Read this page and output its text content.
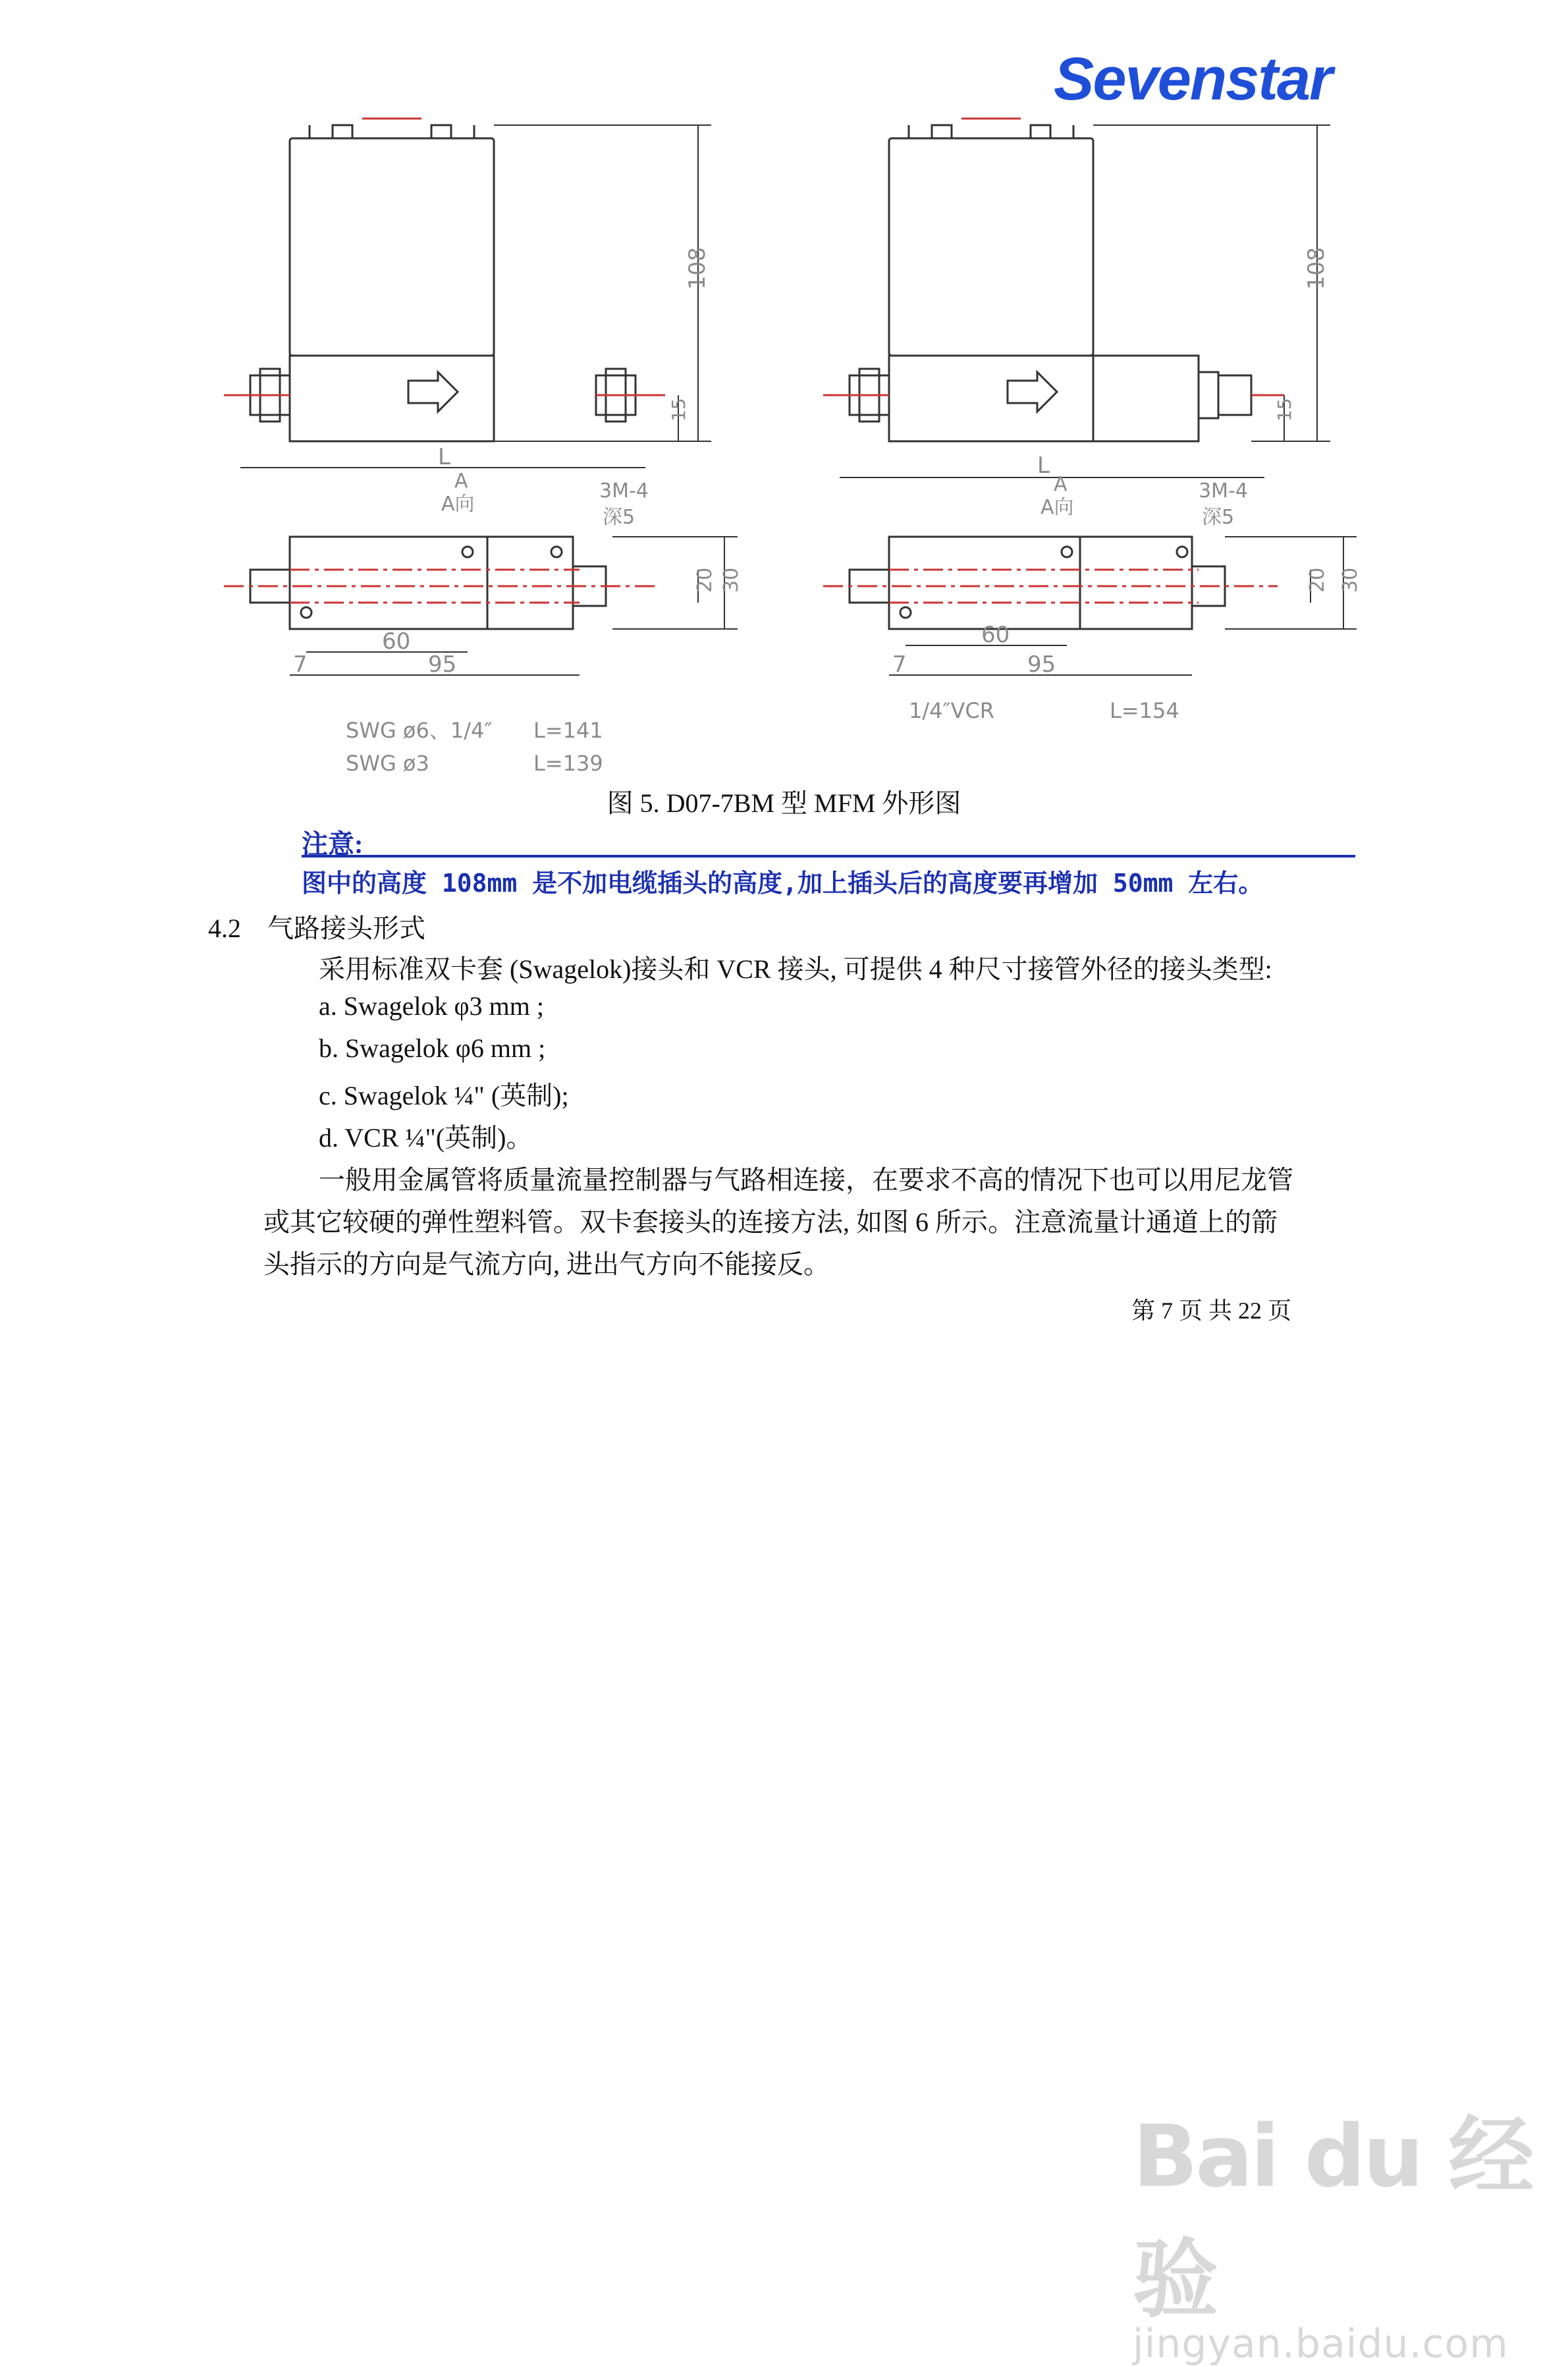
Sevenstar
108
15
L
A
A向
3M-4
深5
20 30
60
95
7
SWG ø6、1/4″ L=141
SWG ø3	L=139
108
15
L
A
A向
3M-4
深5
20 30
60
95
7
1/4″VCR	L=154
图 5. D07-7BM 型 MFM 外形图
注意:
图中的高度 108mm 是不加电缆插头的高度,加上插头后的高度要再增加 50mm 左右。
4.2 气路接头形式
采用标准双卡套 (Swagelok)接头和 VCR 接头, 可提供 4 种尺寸接管外径的接头类型:
a. Swagelok φ3 mm ;
b. Swagelok φ6 mm ;
c. Swagelok ¼" (英制);
d. VCR ¼"(英制)。
一般用金属管将质量流量控制器与气路相连接，在要求不高的情况下也可以用尼龙管
或其它较硬的弹性塑料管。双卡套接头的连接方法, 如图 6 所示。注意流量计通道上的箭
头指示的方向是气流方向, 进出气方向不能接反。
第 7 页 共 22 页
Bai du 经验
jingyan.baidu.com
